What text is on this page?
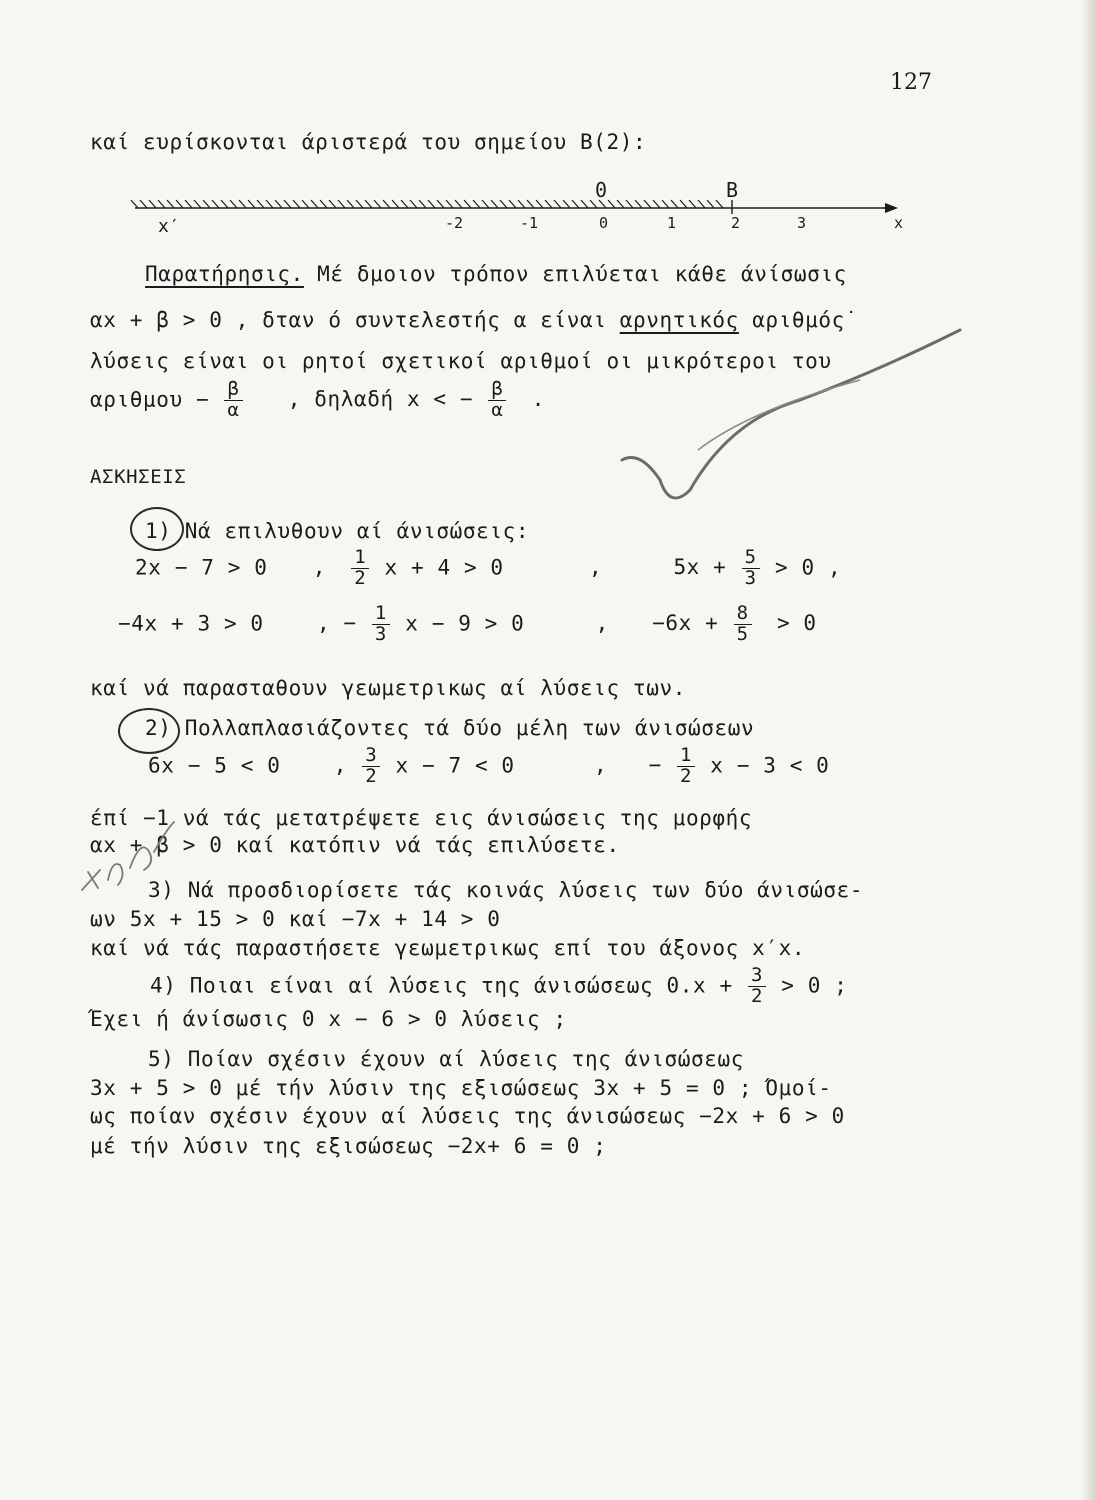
127
καί ευρίσκονται άριστερά του σημείου Β(2):
0	B
x′	x
-2	-1	0	1	2	3
Παρατήρησις. Μέ δμοιον τρόπον επιλύεται κάθε άνίσωσις
αx + β > 0 , δταν ό συντελεστής α είναι αρνητικός αριθμός˙
λύσεις είναι οι ρητοί σχετικοί αριθμοί οι μικρότεροι του
$\alpha\rho\iota\theta\mu o\upsilon - \frac{\beta}{\alpha}$ , δηλαδή x < − $\frac{\beta}{\alpha}$ .
ΑΣΚΗΣΕΙΣ
1) Νά επιλυθουν αί άνισώσεις:
2x − 7 > 0 , $\frac{1}{2}$ x + 4 > 0	,	$5x + \frac{5}{3} > 0$ ,
−4x + 3 > 0	, − $\frac{1}{3}$ x − 9 > 0	, $-6x + \frac{8}{5} > 0$
καί νά παρασταθουν γεωμετρικως αί λύσεις των.
2) Πολλαπλασιάζοντες τά δύο μέλη των άνισώσεων
6x − 5 < 0	, $\frac{3}{2}$ x − 7 < 0	, − $\frac{1}{2}$ x − 3 < 0
έπί −1 νά τάς μετατρέψετε εις άνισώσεις της μορφής
αx + β > 0 καί κατόπιν νά τάς επιλύσετε.
3) Νά προσδιορίσετε τάς κοινάς λύσεις των δύο άνισώσε-
ων 5x + 15 > 0 καί −7x + 14 > 0
καί νά τάς παραστήσετε γεωμετρικως επί του άξονος x′x.
4) Ποιαι είναι αί λύσεις της άνισώσεως $0.x + \frac{3}{2} > 0$ ;
Έχει ή άνίσωσις 0 x − 6 > 0 λύσεις ;
5) Ποίαν σχέσιν έχουν αί λύσεις της άνισώσεως
3x + 5 > 0 μέ τήν λύσιν της εξισώσεως 3x + 5 = 0 ; Όμοί-
ως ποίαν σχέσιν έχουν αί λύσεις της άνισώσεως −2x + 6 > 0
μέ τήν λύσιν της εξισώσεως −2x+ 6 = 0 ;
